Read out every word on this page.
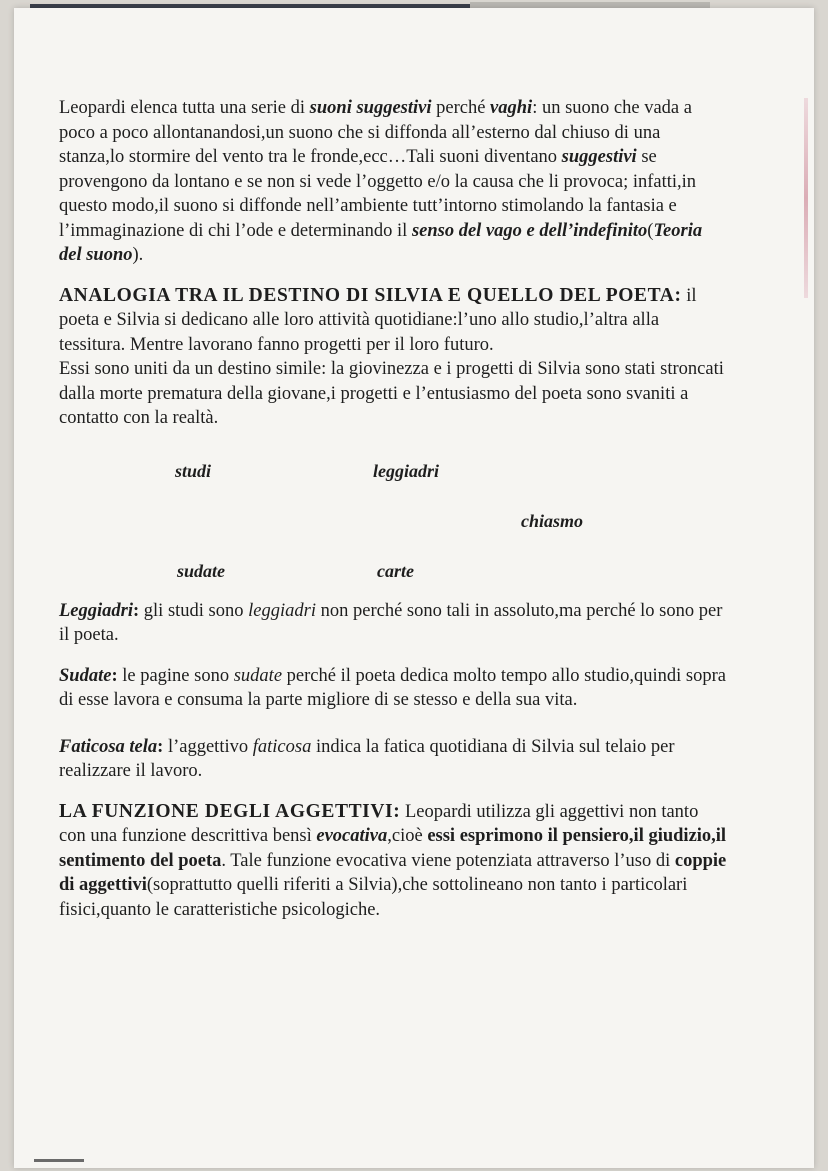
Leopardi elenca tutta una serie di suoni suggestivi perché vaghi: un suono che vada a poco a poco allontanandosi,un suono che si diffonda all’esterno dal chiuso di una stanza,lo stormire del vento tra le fronde,ecc…Tali suoni diventano suggestivi se provengono da lontano e se non si vede l’oggetto e/o la causa che li provoca; infatti,in questo modo,il suono si diffonde nell’ambiente tutt’intorno stimolando la fantasia e l’immaginazione di chi l’ode e determinando il senso del vago e dell’indefinito(Teoria del suono).

ANALOGIA TRA IL DESTINO DI SILVIA E QUELLO DEL POETA: il poeta e Silvia si dedicano alle loro attività quotidiane:l’uno allo studio,l’altra alla tessitura. Mentre lavorano fanno progetti per il loro futuro.

Essi sono uniti da un destino simile: la giovinezza e i progetti di Silvia sono stati stroncati dalla morte prematura della giovane,i progetti e l’entusiasmo del poeta sono svaniti a contatto con la realtà.

studi	leggiadri
chiasmo
sudate	carte

Leggiadri: gli studi sono leggiadri non perché sono tali in assoluto,ma perché lo sono per il poeta.

Sudate: le pagine sono sudate perché il poeta dedica molto tempo allo studio,quindi sopra di esse lavora e consuma la parte migliore di se stesso e della sua vita.

Faticosa tela: l’aggettivo faticosa indica la fatica quotidiana di Silvia sul telaio per realizzare il lavoro.

LA FUNZIONE DEGLI AGGETTIVI: Leopardi utilizza gli aggettivi non tanto con una funzione descrittiva bensì evocativa,cioè essi esprimono il pensiero,il giudizio,il sentimento del poeta. Tale funzione evocativa viene potenziata attraverso l’uso di coppie di aggettivi(soprattutto quelli riferiti a Silvia),che sottolineano non tanto i particolari fisici,quanto le caratteristiche psicologiche.
